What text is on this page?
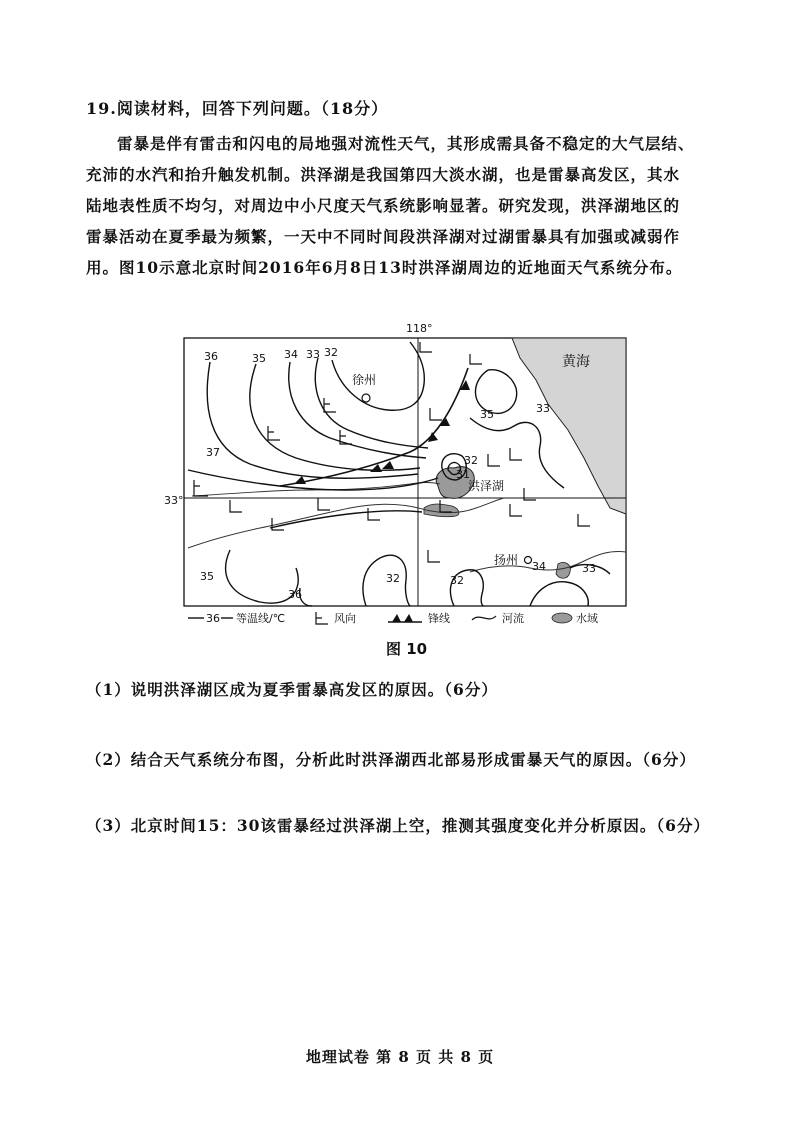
19.阅读材料，回答下列问题。（18分）
雷暴是伴有雷击和闪电的局地强对流性天气，其形成需具备不稳定的大气层结、
充沛的水汽和抬升触发机制。洪泽湖是我国第四大淡水湖，也是雷暴高发区，其水
陆地表性质不均匀，对周边中小尺度天气系统影响显著。研究发现，洪泽湖地区的
雷暴活动在夏季最为频繁，一天中不同时间段洪泽湖对过湖雷暴具有加强或减弱作
用。图10示意北京时间2016年6月8日13时洪泽湖周边的近地面天气系统分布。
118°
黄海
33°
36	35 34 33 32
37
35	33
32
31
35
36
32	32
34	33
徐州
扬州
洪泽湖
36 等温线/℃	风向	锋线	河流	水域
图 10
（1）说明洪泽湖区成为夏季雷暴高发区的原因。（6分）
（2）结合天气系统分布图，分析此时洪泽湖西北部易形成雷暴天气的原因。（6分）
（3）北京时间15：30该雷暴经过洪泽湖上空，推测其强度变化并分析原因。（6分）
地理试卷 第 8 页 共 8 页
